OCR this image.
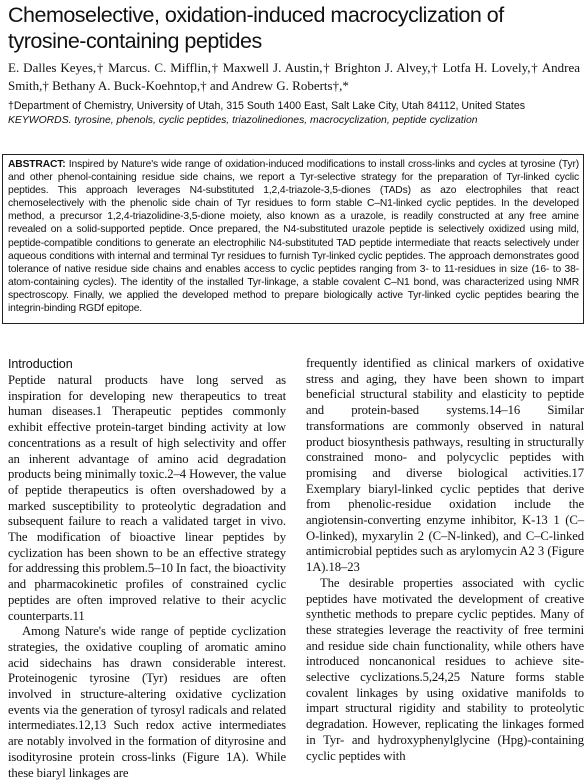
Chemoselective, oxidation-induced macrocyclization of tyrosine-containing peptides

E. Dalles Keyes,† Marcus. C. Mifflin,† Maxwell J. Austin,† Brighton J. Alvey,† Lotfa H. Lovely,† Andrea Smith,† Bethany A. Buck-Koehntop,† and Andrew G. Roberts†,*

†Department of Chemistry, University of Utah, 315 South 1400 East, Salt Lake City, Utah 84112, United States

KEYWORDS. tyrosine, phenols, cyclic peptides, triazolinediones, macrocyclization, peptide cyclization

ABSTRACT: Inspired by Nature's wide range of oxidation-induced modifications to install cross-links and cycles at tyrosine (Tyr) and other phenol-containing residue side chains, we report a Tyr-selective strategy for the preparation of Tyr-linked cyclic peptides. This approach leverages N4-substituted 1,2,4-triazole-3,5-diones (TADs) as azo electrophiles that react chemoselectively with the phenolic side chain of Tyr residues to form stable C–N1-linked cyclic peptides. In the developed method, a precursor 1,2,4-triazolidine-3,5-dione moiety, also known as a urazole, is readily constructed at any free amine revealed on a solid-supported peptide. Once prepared, the N4-substituted urazole peptide is selectively oxidized using mild, peptide-compatible conditions to generate an electrophilic N4-substituted TAD peptide intermediate that reacts selectively under aqueous conditions with internal and terminal Tyr residues to furnish Tyr-linked cyclic peptides. The approach demonstrates good tolerance of native residue side chains and enables access to cyclic peptides ranging from 3- to 11-residues in size (16- to 38-atom-containing cycles). The identity of the installed Tyr-linkage, a stable covalent C–N1 bond, was characterized using NMR spectroscopy. Finally, we applied the developed method to prepare biologically active Tyr-linked cyclic peptides bearing the integrin-binding RGDf epitope.

Introduction

Peptide natural products have long served as inspiration for developing new therapeutics to treat human diseases.1 Therapeutic peptides commonly exhibit effective protein-target binding activity at low concentrations as a result of high selectivity and offer an inherent advantage of amino acid degradation products being minimally toxic.2–4 However, the value of peptide therapeutics is often overshadowed by a marked susceptibility to proteolytic degradation and subsequent failure to reach a validated target in vivo. The modification of bioactive linear peptides by cyclization has been shown to be an effective strategy for addressing this problem.5–10 In fact, the bioactivity and pharmacokinetic profiles of constrained cyclic peptides are often improved relative to their acyclic counterparts.11

Among Nature's wide range of peptide cyclization strategies, the oxidative coupling of aromatic amino acid sidechains has drawn considerable interest. Proteinogenic tyrosine (Tyr) residues are often involved in structure-altering oxidative cyclization events via the generation of tyrosyl radicals and related intermediates.12,13 Such redox active intermediates are notably involved in the formation of dityrosine and isodityrosine protein cross-links (Figure 1A). While these biaryl linkages are

frequently identified as clinical markers of oxidative stress and aging, they have been shown to impart beneficial structural stability and elasticity to peptide and protein-based systems.14–16 Similar transformations are commonly observed in natural product biosynthesis pathways, resulting in structurally constrained mono- and polycyclic peptides with promising and diverse biological activities.17 Exemplary biaryl-linked cyclic peptides that derive from phenolic-residue oxidation include the angiotensin-converting enzyme inhibitor, K-13 1 (C–O-linked), myxarylin 2 (C–N-linked), and C–C-linked antimicrobial peptides such as arylomycin A2 3 (Figure 1A).18–23

The desirable properties associated with cyclic peptides have motivated the development of creative synthetic methods to prepare cyclic peptides. Many of these strategies leverage the reactivity of free termini and residue side chain functionality, while others have introduced noncanonical residues to achieve site-selective cyclizations.5,24,25 Nature forms stable covalent linkages by using oxidative manifolds to impart structural rigidity and stability to proteolytic degradation. However, replicating the linkages formed in Tyr- and hydroxyphenylglycine (Hpg)-containing cyclic peptides with
